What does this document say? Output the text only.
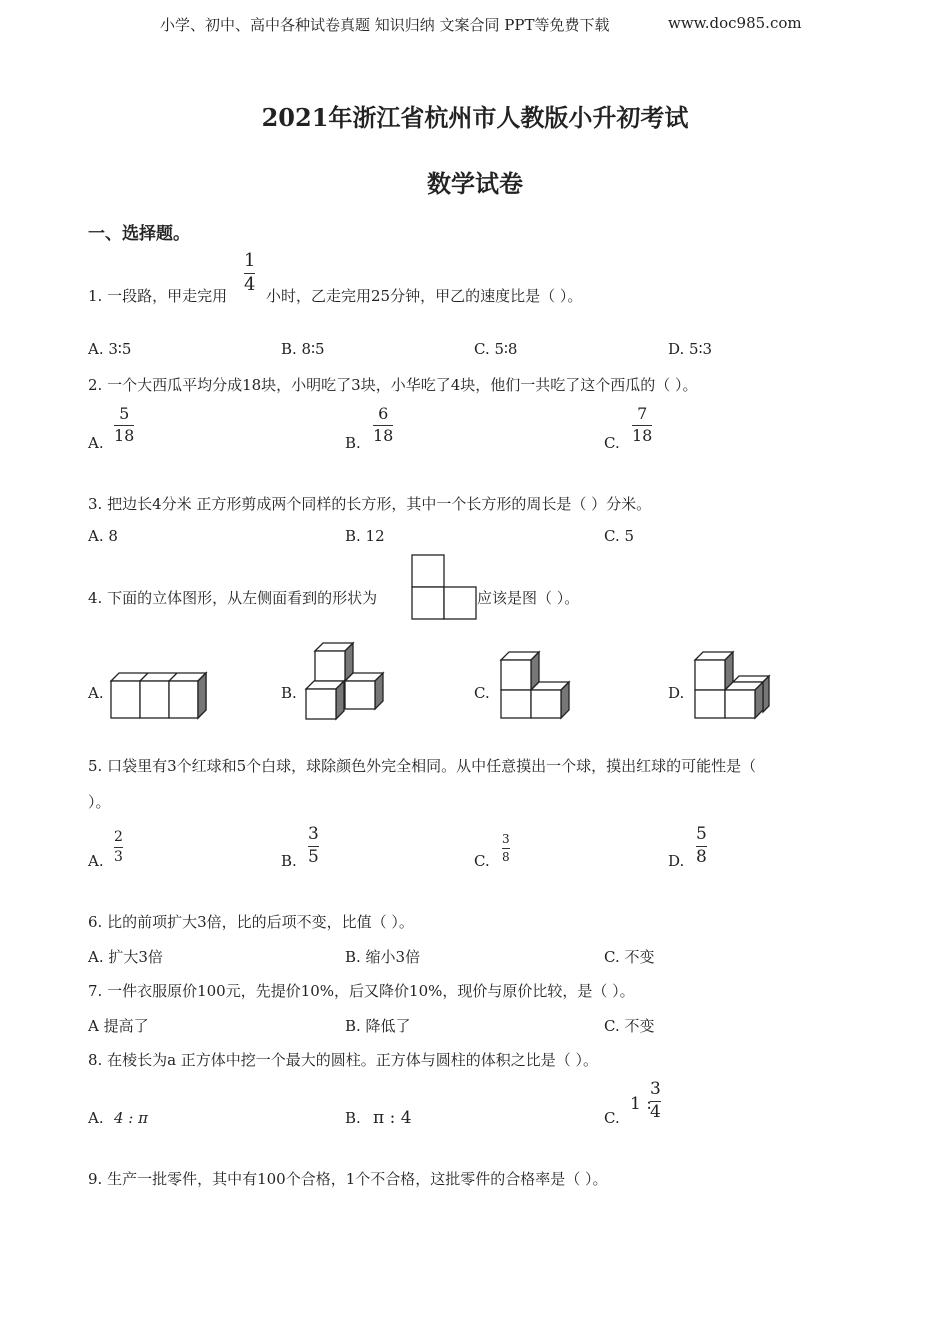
小学、初中、高中各种试卷真题 知识归纳 文案合同 PPT等免费下载	www.doc985.com
2021年浙江省杭州市人教版小升初考试
数学试卷
一、选择题。
1. 一段路，甲走完用
1
4
小时，乙走完用25分钟，甲乙的速度比是（ ）。
A. 3∶5	B. 8∶5	C. 5∶8	D. 5∶3
2. 一个大西瓜平均分成18块，小明吃了3块，小华吃了4块，他们一共吃了这个西瓜的（ ）。
A.
5
18	B.
6
18	C.
7
18
3. 把边长4分米 正方形剪成两个同样的长方形，其中一个长方形的周长是（ ）分米。
A. 8	B. 12	C. 5
4. 下面的立体图形，从左侧面看到的形状为	应该是图（ ）。
A.	B.	C.	D.
5. 口袋里有3个红球和5个白球，球除颜色外完全相同。从中任意摸出一个球，摸出红球的可能性是（
）。
A.
2
3	B.
3
5	C.
3
8	D.
5
8
6. 比的前项扩大3倍，比的后项不变，比值（ ）。
A. 扩大3倍	B. 缩小3倍	C. 不变
7. 一件衣服原价100元，先提价10%，后又降价10%，现价与原价比较，是（ ）。
A 提高了	B. 降低了	C. 不变
8. 在棱长为a 正方体中挖一个最大的圆柱。正方体与圆柱的体积之比是（ ）。
A. 4 : π	B. π : 4	C.
1 :
3
4
9. 生产一批零件，其中有100个合格，1个不合格，这批零件的合格率是（ ）。
